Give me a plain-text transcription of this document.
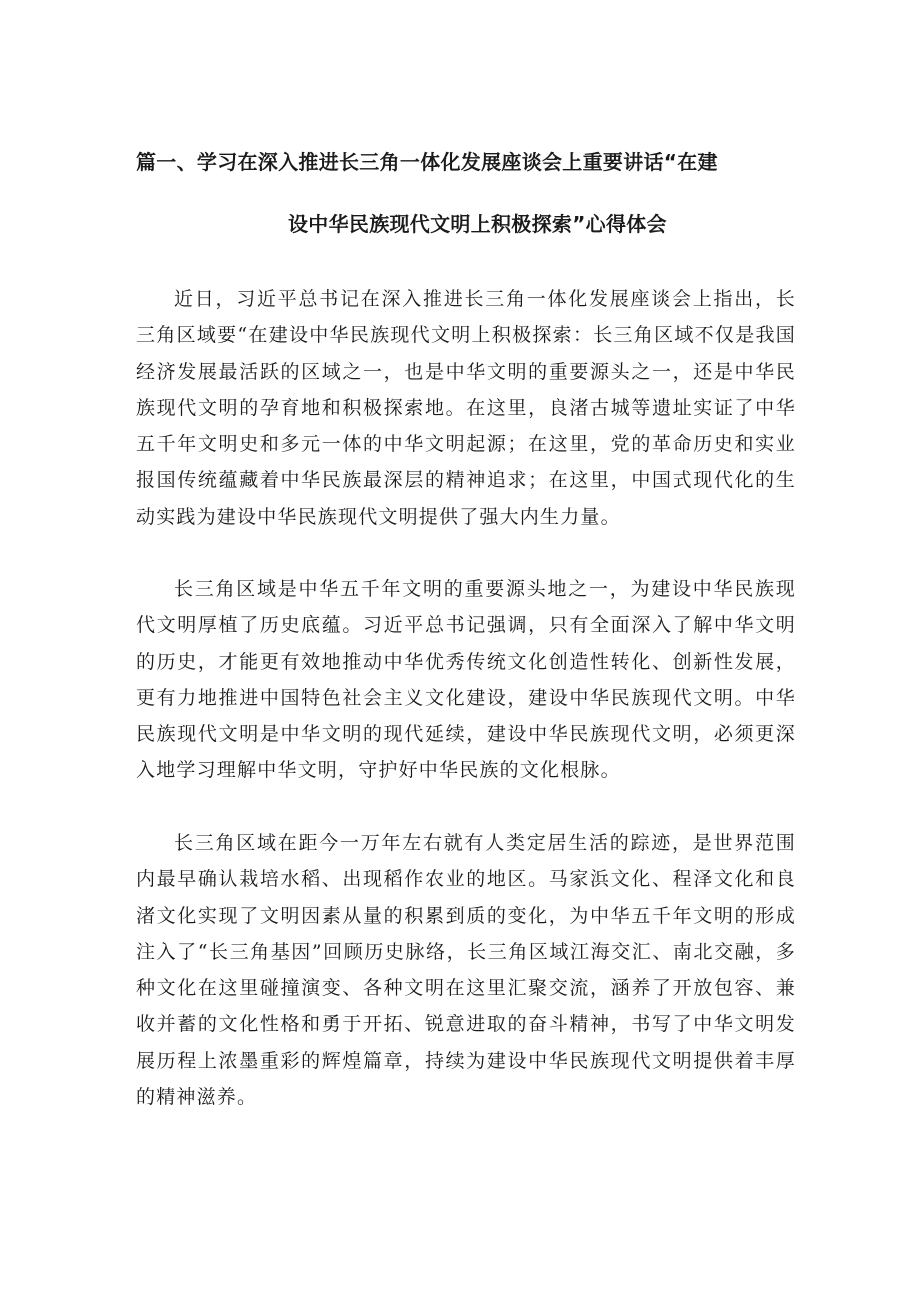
篇一、学习在深入推进长三角一体化发展座谈会上重要讲话“在建
设中华民族现代文明上积极探索”心得体会

近日，习近平总书记在深入推进长三角一体化发展座谈会上指出，长三角区域要“在建设中华民族现代文明上积极探索：长三角区域不仅是我国经济发展最活跃的区域之一，也是中华文明的重要源头之一，还是中华民族现代文明的孕育地和积极探索地。在这里，良渚古城等遗址实证了中华五千年文明史和多元一体的中华文明起源；在这里，党的革命历史和实业报国传统蕴藏着中华民族最深层的精神追求；在这里，中国式现代化的生动实践为建设中华民族现代文明提供了强大内生力量。

长三角区域是中华五千年文明的重要源头地之一，为建设中华民族现代文明厚植了历史底蕴。习近平总书记强调，只有全面深入了解中华文明的历史，才能更有效地推动中华优秀传统文化创造性转化、创新性发展，更有力地推进中国特色社会主义文化建设，建设中华民族现代文明。中华民族现代文明是中华文明的现代延续，建设中华民族现代文明，必须更深入地学习理解中华文明，守护好中华民族的文化根脉。

长三角区域在距今一万年左右就有人类定居生活的踪迹，是世界范围内最早确认栽培水稻、出现稻作农业的地区。马家浜文化、程泽文化和良渚文化实现了文明因素从量的积累到质的变化，为中华五千年文明的形成注入了“长三角基因”回顾历史脉络，长三角区域江海交汇、南北交融，多种文化在这里碰撞演变、各种文明在这里汇聚交流，涵养了开放包容、兼收并蓄的文化性格和勇于开拓、锐意进取的奋斗精神，书写了中华文明发展历程上浓墨重彩的辉煌篇章，持续为建设中华民族现代文明提供着丰厚的精神滋养。
